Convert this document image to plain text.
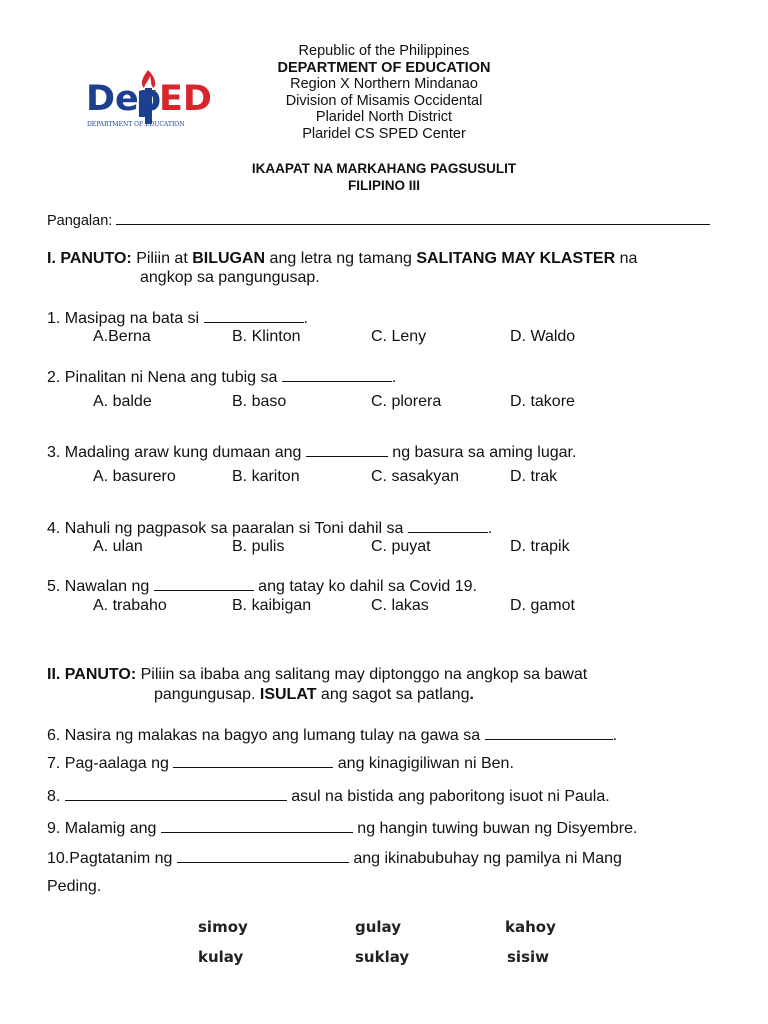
De
p
ED
DEPARTMENT OF EDUCATION
Republic of the Philippines
DEPARTMENT OF EDUCATION
Region X Northern Mindanao
Division of Misamis Occidental
Plaridel North District
Plaridel CS SPED Center
IKAAPAT NA MARKAHANG PAGSUSULIT
FILIPINO III
Pangalan:
I. PANUTO: Piliin at BILUGAN ang letra ng tamang SALITANG MAY KLASTER na
angkop sa pangungusap.
1. Masipag na bata si	.
A.Berna	B. Klinton	C. Leny	D. Waldo
2. Pinalitan ni Nena ang tubig sa	.
A. balde	B. baso	C. plorera	D. takore
3. Madaling araw kung dumaan ang	ng basura sa aming lugar.
A. basurero	B. kariton	C. sasakyan	D. trak
4. Nahuli ng pagpasok sa paaralan si Toni dahil sa	.
A. ulan	B. pulis	C. puyat	D. trapik
5. Nawalan ng	ang tatay ko dahil sa Covid 19.
A. trabaho	B. kaibigan	C. lakas	D. gamot
II. PANUTO: Piliin sa ibaba ang salitang may diptonggo na angkop sa bawat
pangungusap. ISULAT ang sagot sa patlang.
6. Nasira ng malakas na bagyo ang lumang tulay na gawa sa	.
7. Pag-aalaga ng	ang kinagigiliwan ni Ben.
8.	asul na bistida ang paboritong isuot ni Paula.
9. Malamig ang	ng hangin tuwing buwan ng Disyembre.
10.Pagtatanim ng	ang ikinabubuhay ng pamilya ni Mang
Peding.
simoy	gulay	kahoy
kulay	suklay	sisiw
